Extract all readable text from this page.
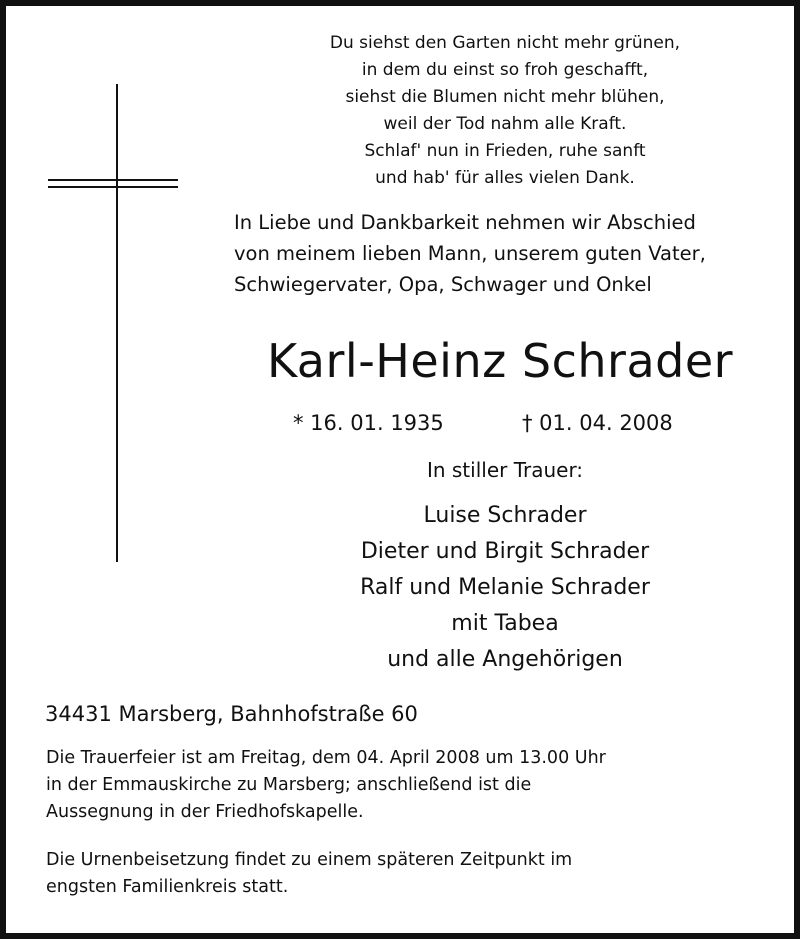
Du siehst den Garten nicht mehr grünen,
in dem du einst so froh geschafft,
siehst die Blumen nicht mehr blühen,
weil der Tod nahm alle Kraft.
Schlaf' nun in Frieden, ruhe sanft
und hab' für alles vielen Dank.
In Liebe und Dankbarkeit nehmen wir Abschied
von meinem lieben Mann, unserem guten Vater,
Schwiegervater, Opa, Schwager und Onkel
Karl-Heinz Schrader
* 16. 01. 1935	† 01. 04. 2008
In stiller Trauer:
Luise Schrader
Dieter und Birgit Schrader
Ralf und Melanie Schrader
mit Tabea
und alle Angehörigen
34431 Marsberg, Bahnhofstraße 60
Die Trauerfeier ist am Freitag, dem 04. April 2008 um 13.00 Uhr
in der Emmauskirche zu Marsberg; anschließend ist die
Aussegnung in der Friedhofskapelle.
Die Urnenbeisetzung findet zu einem späteren Zeitpunkt im
engsten Familienkreis statt.
